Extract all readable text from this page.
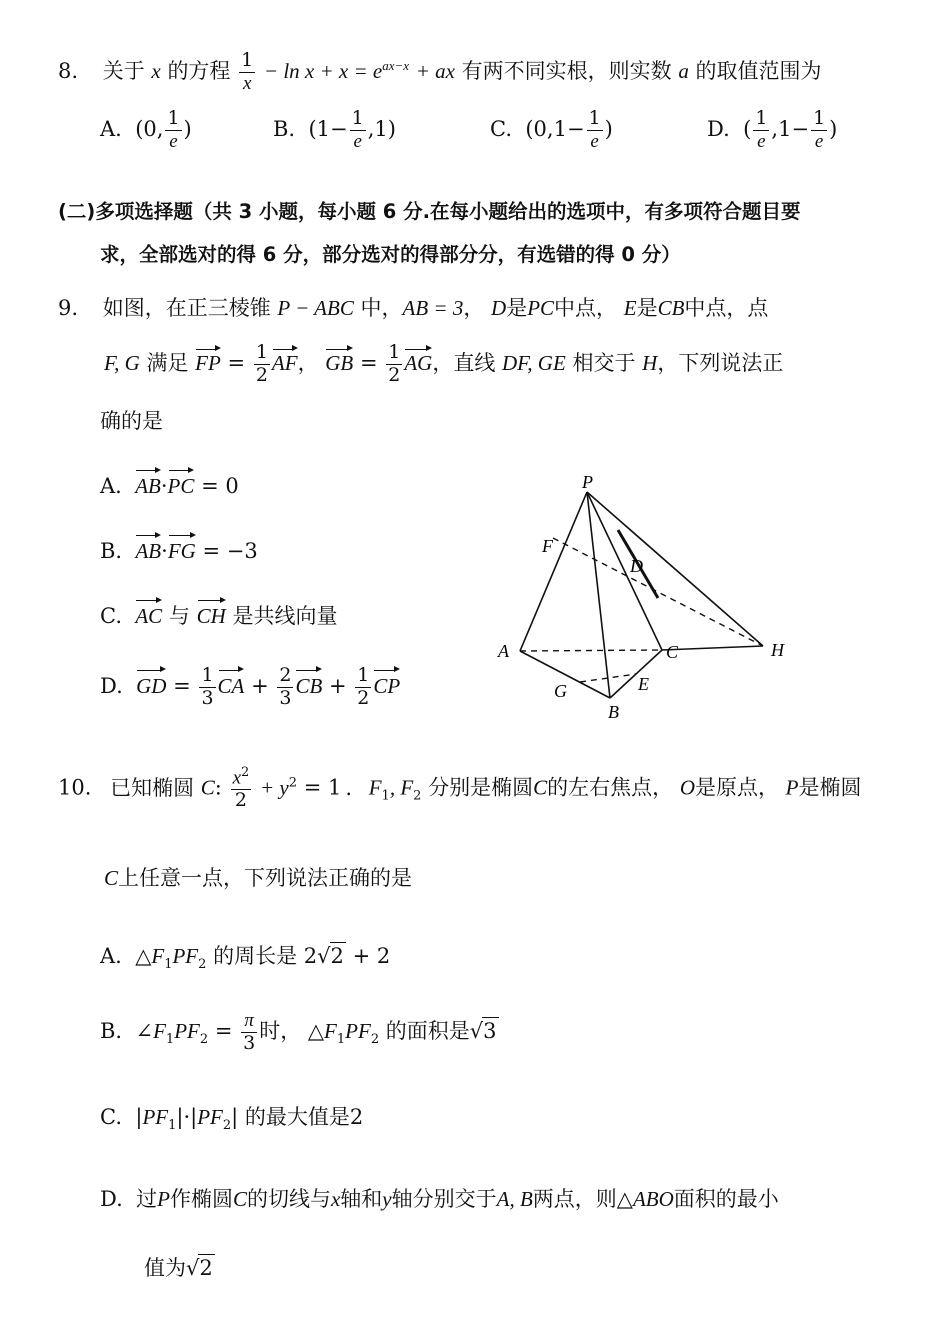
8. 关于 x 的方程 $\frac{1}{x} - \ln x + x = e^{ax-x}$ + ax 有两不同实根，则实数 a 的取值范围为
A. (0, $\frac{1}{e}$ )	B. $(1- \frac{1}{e} ,1)$	C. ($0,1- \frac{1}{e}$ )	D. ( $\frac{1}{e} ,1- \frac{1}{e}$ )
(二)多项选择题（共 3 小题，每小题 6 分.在每小题给出的选项中，有多项符合题目要
求，全部选对的得 6 分，部分选对的得部分分，有选错的得 0 分）
9. 如图，在正三棱锥 P − ABC 中，AB = 3， D是PC中点， E是CB中点，点
F, G 满足 FP = $\frac{1}{2}$ AF， GB = $\frac{1}{2}$ AG，直线 DF, GE 相交于 H，下列说法正
确的是
A. AB·PC = 0
B. AB·FG = −3
C. AC 与 CH 是共线向量
D. GD = $\frac{1}{3}$ CA + $\frac{2}{3}$ CB + $\frac{1}{2}$ CP
P
F
D
A	C	H
G	E
B
10. 已知椭圆 C: $\frac{x^2}{2} + y^2 = 1$ . $F_1$, $F_2$ 分别是椭圆C的左右焦点， O是原点， P是椭圆
C上任意一点，下列说法正确的是
A. $\triangle F_1PF_2$ 的周长是 2√2 + 2
B. $\angle F_1PF_2 = \frac{\pi}{3}$ 时， $\triangle F_1PF_2$ 的面积是√3
C. $|PF_1|\cdot|PF_2|$ 的最大值是2
D. 过P作椭圆C的切线与x轴和y轴分别交于A, B两点，则△ABO面积的最小
值为√2
